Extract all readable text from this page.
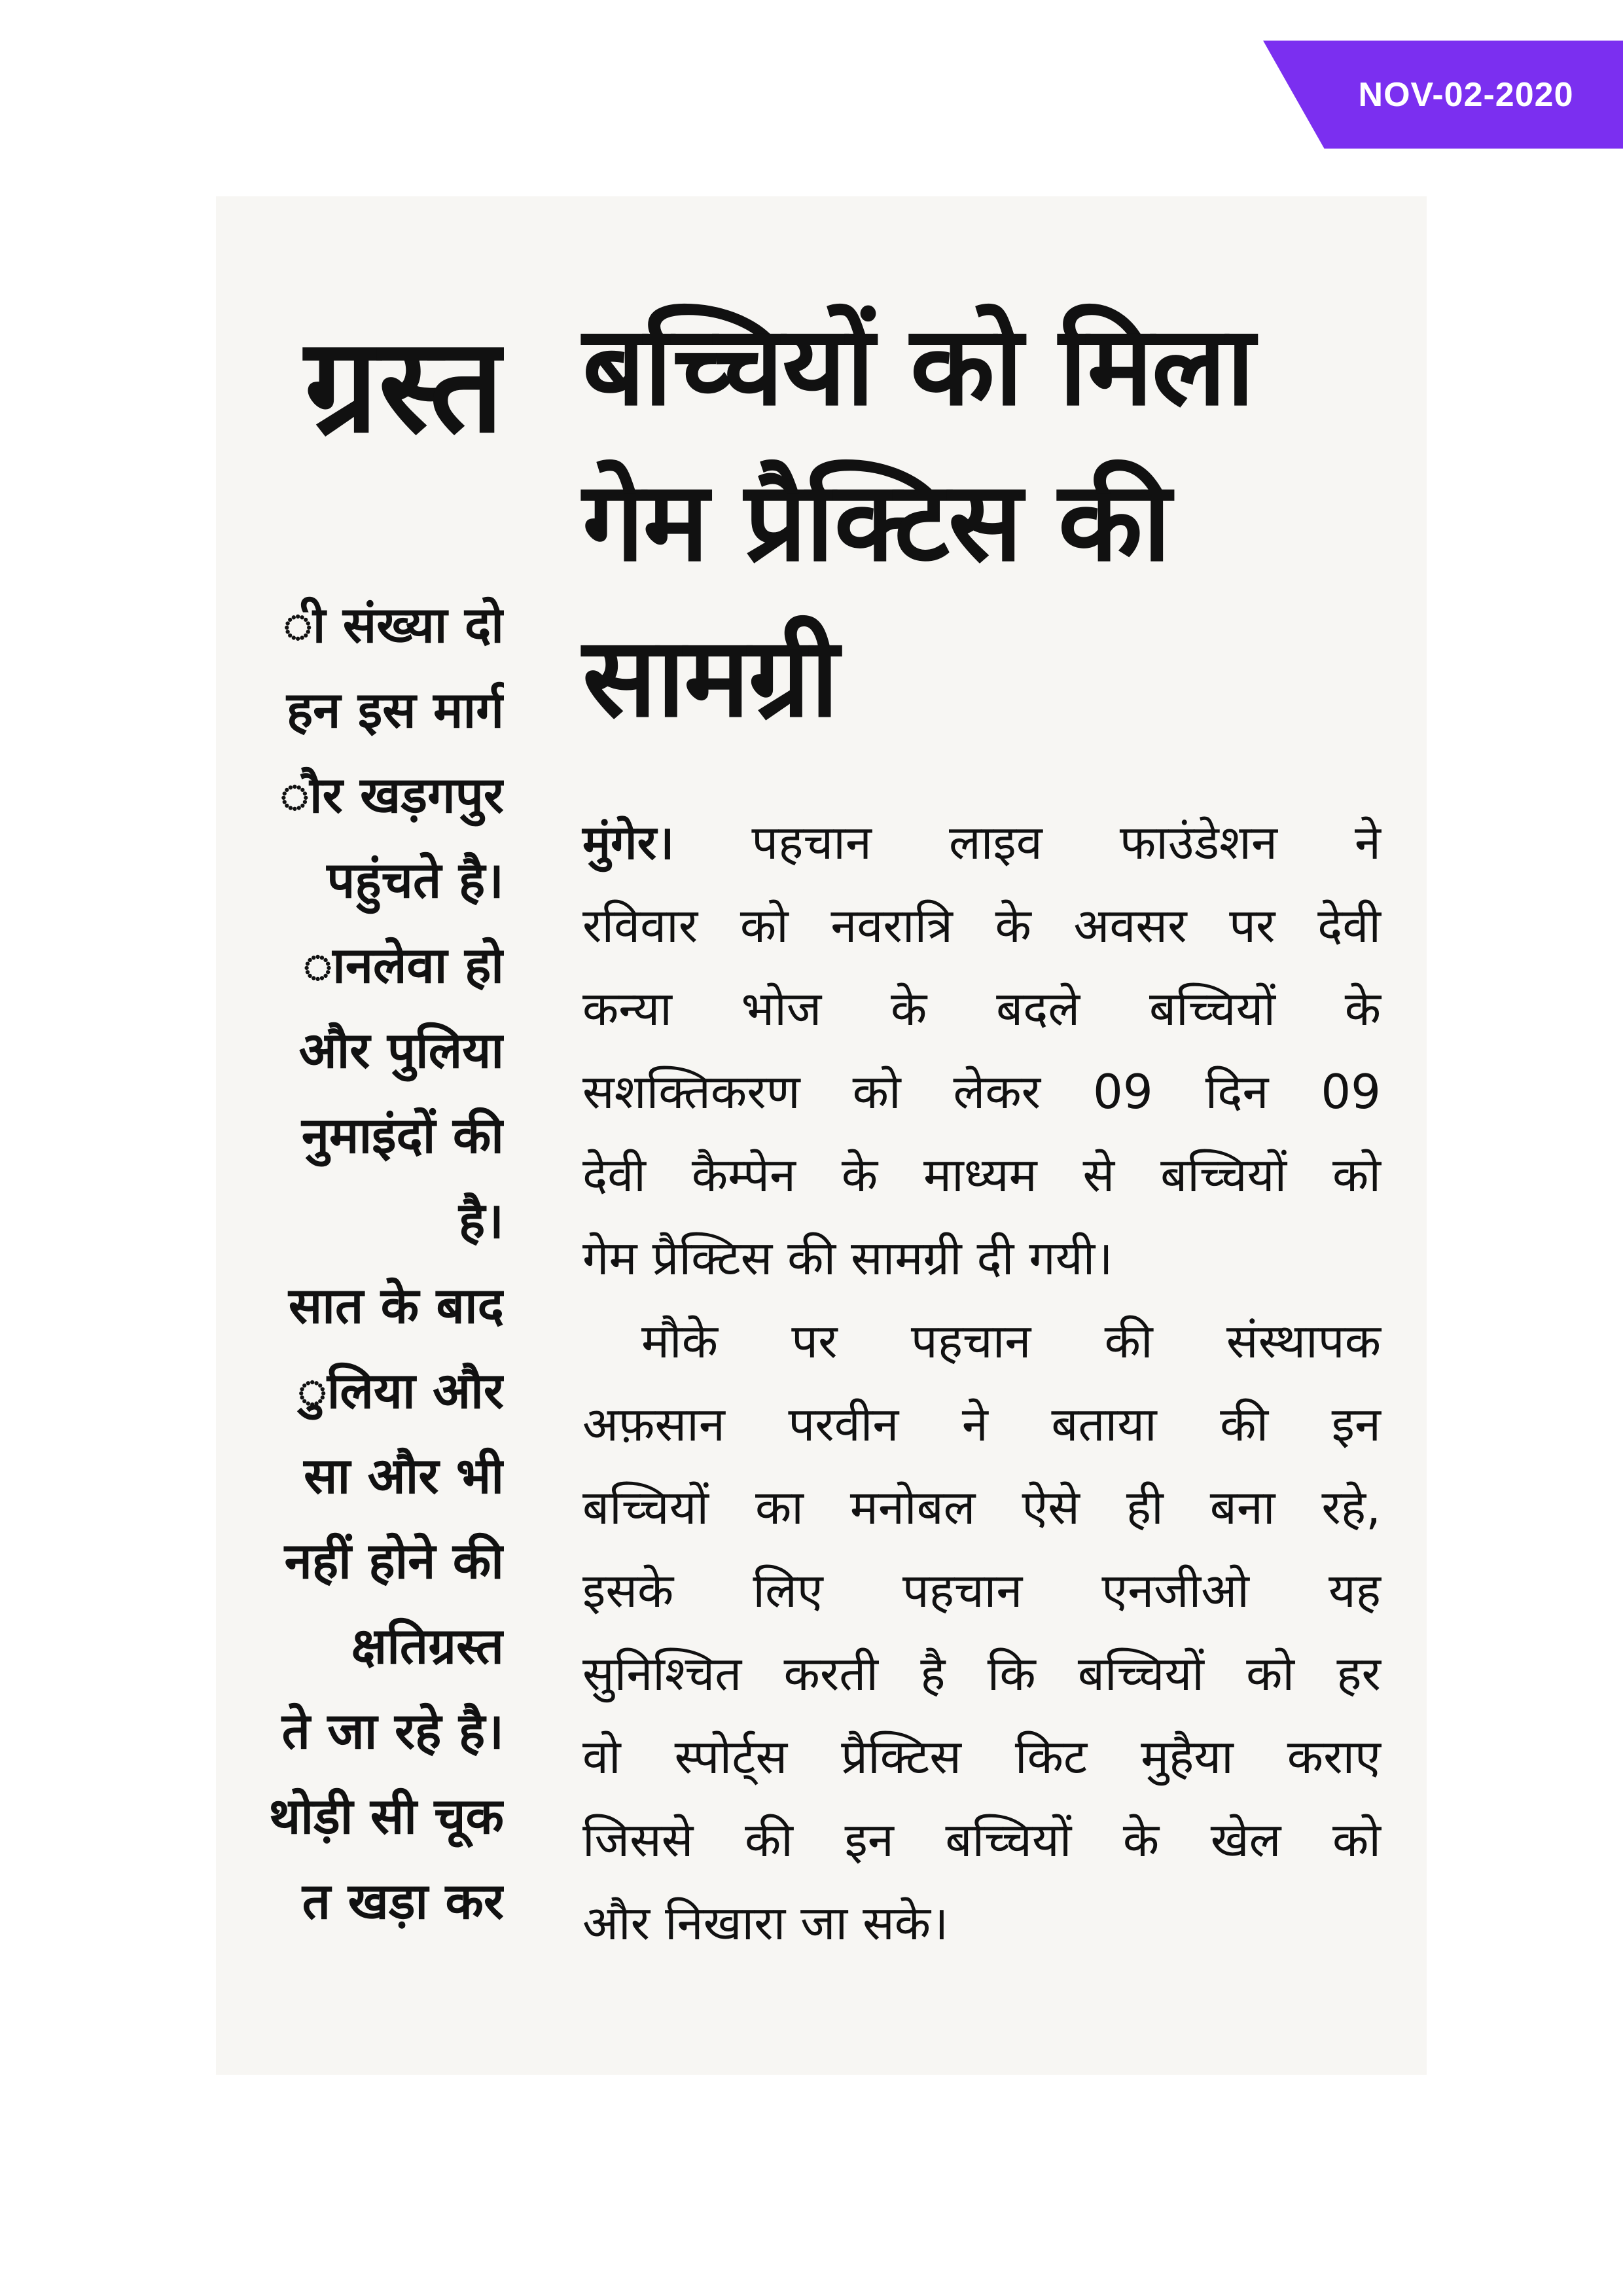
NOV-02-2020
ग्रस्त
ी संख्या दो
हन इस मार्ग
ौर खड़गपुर
पहुंचते है।
ानलेवा हो
और पुलिया
नुमाइंदों की
है।
सात के बाद
ुलिया और
सा और भी
नहीं होने की
क्षतिग्रस्त
ते जा रहे है।
थोड़ी सी चूक
त खड़ा कर
बच्चियों को मिला
गेम प्रैक्टिस की
सामग्री
मुंगेर। पहचान लाइव फाउंडेशन ने
रविवार को नवरात्रि के अवसर पर देवी
कन्या भोज के बदले बच्चियों के
सशक्तिकरण को लेकर 09 दिन 09
देवी कैम्पेन के माध्यम से बच्चियों को
गेम प्रैक्टिस की सामग्री दी गयी।
मौके पर पहचान की संस्थापक
अफ़सान परवीन ने बताया की इन
बच्चियों का मनोबल ऐसे ही बना रहे,
इसके लिए पहचान एनजीओ यह
सुनिश्चित करती है कि बच्चियों को हर
वो स्पोर्ट्स प्रैक्टिस किट मुहैया कराए
जिससे की इन बच्चियों के खेल को
और निखारा जा सके।
